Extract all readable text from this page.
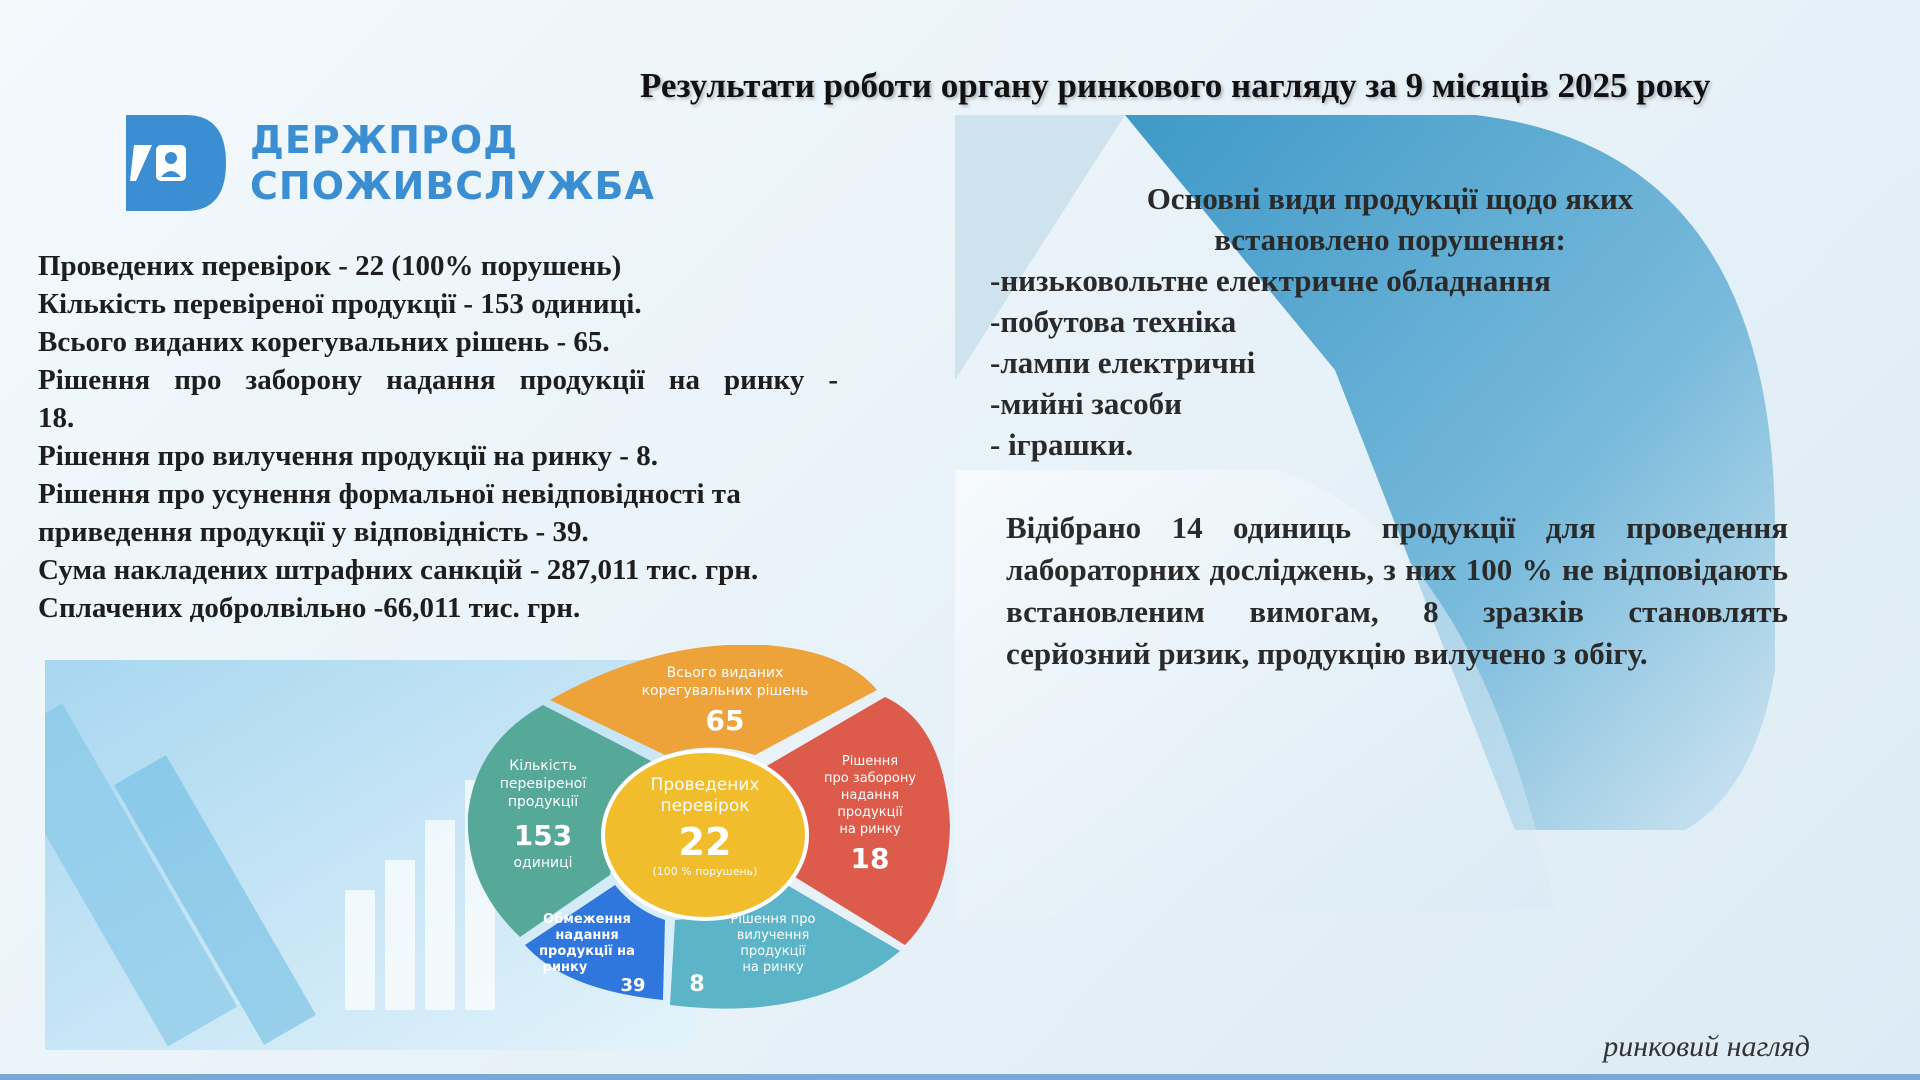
Результати роботи органу ринкового нагляду за 9 місяців 2025 року
ДЕРЖПРОД
СПОЖИВСЛУЖБА
Проведених перевірок - 22 (100% порушень)
Кількість перевіреної продукції - 153 одиниці.
Всього виданих корегувальних рішень - 65.
Рішення про заборону надання продукції на ринку -
18.
Рішення про вилучення продукції на ринку - 8.
Рішення про усунення формальної невідповідності та
приведення продукції у відповідність - 39.
Сума накладених штрафних санкцій - 287,011 тис. грн.
Сплачених добролвільно -66,011 тис. грн.
Основні види продукції щодо яких
встановлено порушення:
-низьковольтне електричне обладнання
-побутова техніка
-лампи електричні
-мийні засоби
- іграшки.
Відібрано 14 одиниць продукції для проведення лабораторних досліджень, з них 100 % не відповідають встановленим вимогам, 8 зразків становлять серйозний ризик, продукцію вилучено з обігу.
Всього виданих
корегувальних рішень
65
Кількість
перевіреної
продукції
153
одиниці
Рішення
про заборону
надання
продукції
на ринку
18
Проведених
перевірок
22
(100 % порушень)
Обмеження
надання
продукції на
ринку
39
Рішення про
вилучення
продукції
на ринку
8
ринковий нагляд
